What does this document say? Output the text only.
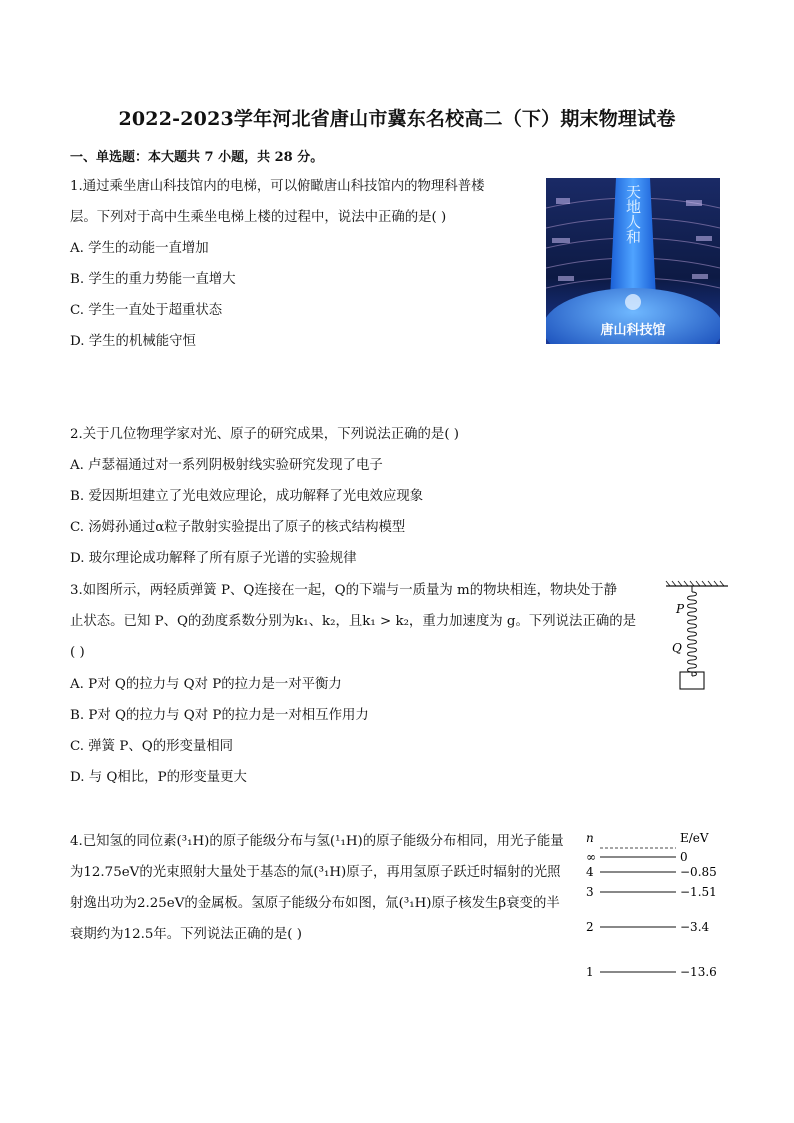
2022-2023学年河北省唐山市冀东名校高二（下）期末物理试卷
一、单选题：本大题共 7 小题，共 28 分。
1.通过乘坐唐山科技馆内的电梯，可以俯瞰唐山科技馆内的物理科普楼
层。下列对于高中生乘坐电梯上楼的过程中，说法中正确的是( )
A. 学生的动能一直增加
B. 学生的重力势能一直增大
C. 学生一直处于超重状态
D. 学生的机械能守恒
天地人和
唐山科技馆
2.关于几位物理学家对光、原子的研究成果，下列说法正确的是( )
A. 卢瑟福通过对一系列阴极射线实验研究发现了电子
B. 爱因斯坦建立了光电效应理论，成功解释了光电效应现象
C. 汤姆孙通过α粒子散射实验提出了原子的核式结构模型
D. 玻尔理论成功解释了所有原子光谱的实验规律
3.如图所示，两轻质弹簧 P、Q连接在一起，Q的下端与一质量为 m的物块相连，物块处于静
止状态。已知 P、Q的劲度系数分别为k₁、k₂，且k₁ > k₂，重力加速度为 g。下列说法正确的是
( )
A. P对 Q的拉力与 Q对 P的拉力是一对平衡力
B. P对 Q的拉力与 Q对 P的拉力是一对相互作用力
C. 弹簧 P、Q的形变量相同
D. 与 Q相比，P的形变量更大
P
Q
4.已知氢的同位素(³₁H)的原子能级分布与氢(¹₁H)的原子能级分布相同，用光子能量
为12.75eV的光束照射大量处于基态的氚(³₁H)原子，再用氢原子跃迁时辐射的光照
射逸出功为2.25eV的金属板。氢原子能级分布如图，氚(³₁H)原子核发生β衰变的半
衰期约为12.5年。下列说法正确的是( )
n	E/eV
∞	0
4	−0.85
3	−1.51
2	−3.4
1	−13.6
